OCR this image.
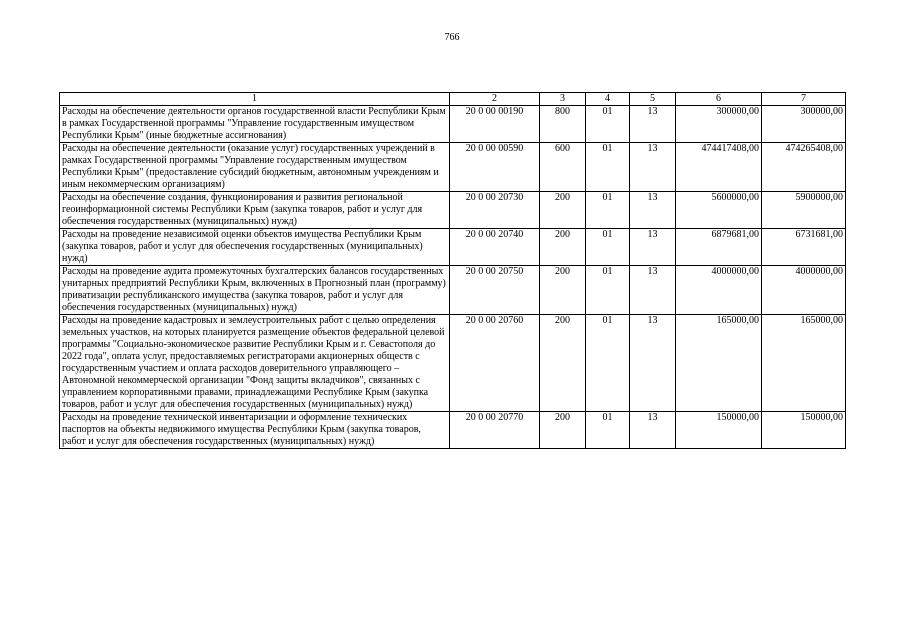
766
1	2	3	4	5	6	7
Расходы на обеспечение деятельности органов государственной власти Республики Крым в рамках Государственной программы "Управление государственным имуществом Республики Крым" (иные бюджетные ассигнования)	20 0 00 00190	800	01	13	300000,00	300000,00
Расходы на обеспечение деятельности (оказание услуг) государственных учреждений в рамках Государственной программы "Управление государственным имуществом Республики Крым" (предоставление субсидий бюджетным, автономным учреждениям и иным некоммерческим организациям)	20 0 00 00590	600	01	13	474417408,00	474265408,00
Расходы на обеспечение создания, функционирования и развития региональной геоинформационной системы Республики Крым (закупка товаров, работ и услуг для обеспечения государственных (муниципальных) нужд)	20 0 00 20730	200	01	13	5600000,00	5900000,00
Расходы на проведение независимой оценки объектов имущества Республики Крым (закупка товаров, работ и услуг для обеспечения государственных (муниципальных) нужд)	20 0 00 20740	200	01	13	6879681,00	6731681,00
Расходы на проведение аудита промежуточных бухгалтерских балансов государственных унитарных предприятий Республики Крым, включенных в Прогнозный план (программу) приватизации республиканского имущества (закупка товаров, работ и услуг для обеспечения государственных (муниципальных) нужд)	20 0 00 20750	200	01	13	4000000,00	4000000,00
Расходы на проведение кадастровых и землеустроительных работ с целью определения земельных участков, на которых планируется размещение объектов федеральной целевой программы "Социально-экономическое развитие Республики Крым и г. Севастополя до 2022 года", оплата услуг, предоставляемых регистраторами акционерных обществ с государственным участием и оплата расходов доверительного управляющего – Автономной некоммерческой организации "Фонд защиты вкладчиков", связанных с управлением корпоративными правами, принадлежащими Республике Крым (закупка товаров, работ и услуг для обеспечения государственных (муниципальных) нужд)	20 0 00 20760	200	01	13	165000,00	165000,00
Расходы на проведение технической инвентаризации и оформление технических паспортов на объекты недвижимого имущества Республики Крым (закупка товаров, работ и услуг для обеспечения государственных (муниципальных) нужд)	20 0 00 20770	200	01	13	150000,00	150000,00
